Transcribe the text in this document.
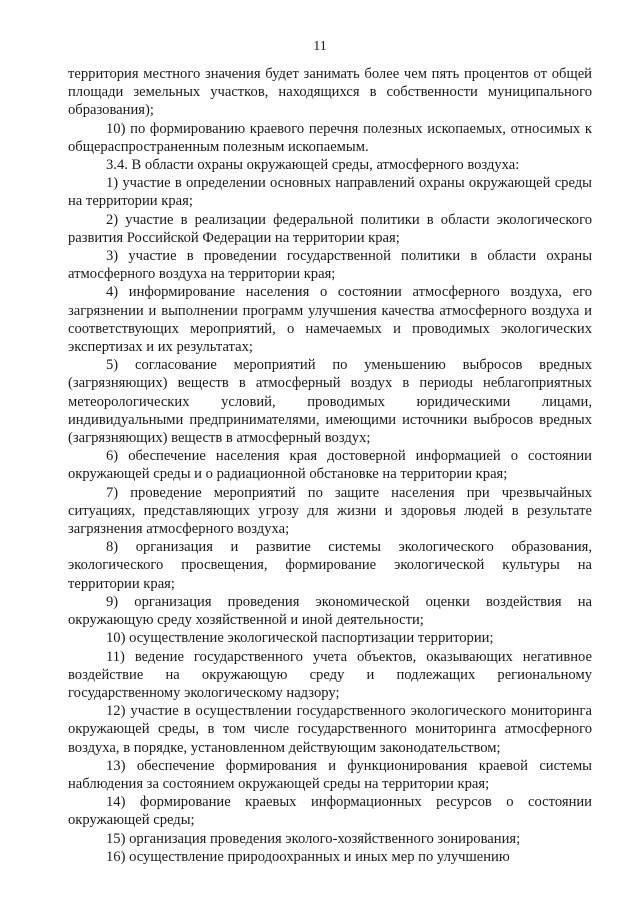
11

территория местного значения будет занимать более чем пять процентов от общей площади земельных участков, находящихся в собственности муниципального образования);

10) по формированию краевого перечня полезных ископаемых, относимых к общераспространенным полезным ископаемым.

3.4. В области охраны окружающей среды, атмосферного воздуха:

1) участие в определении основных направлений охраны окружающей среды на территории края;

2) участие в реализации федеральной политики в области экологического развития Российской Федерации на территории края;

3) участие в проведении государственной политики в области охраны атмосферного воздуха на территории края;

4) информирование населения о состоянии атмосферного воздуха, его загрязнении и выполнении программ улучшения качества атмосферного воздуха и соответствующих мероприятий, о намечаемых и проводимых экологических экспертизах и их результатах;

5) согласование мероприятий по уменьшению выбросов вредных (загрязняющих) веществ в атмосферный воздух в периоды неблагоприятных метеорологических условий, проводимых юридическими лицами, индивидуальными предпринимателями, имеющими источники выбросов вредных (загрязняющих) веществ в атмосферный воздух;

6) обеспечение населения края достоверной информацией о состоянии окружающей среды и о радиационной обстановке на территории края;

7) проведение мероприятий по защите населения при чрезвычайных ситуациях, представляющих угрозу для жизни и здоровья людей в результате загрязнения атмосферного воздуха;

8) организация и развитие системы экологического образования, экологического просвещения, формирование экологической культуры на территории края;

9) организация проведения экономической оценки воздействия на окружающую среду хозяйственной и иной деятельности;

10) осуществление экологической паспортизации территории;

11) ведение государственного учета объектов, оказывающих негативное воздействие на окружающую среду и подлежащих региональному государственному экологическому надзору;

12) участие в осуществлении государственного экологического мониторинга окружающей среды, в том числе государственного мониторинга атмосферного воздуха, в порядке, установленном действующим законодательством;

13) обеспечение формирования и функционирования краевой системы наблюдения за состоянием окружающей среды на территории края;

14) формирование краевых информационных ресурсов о состоянии окружающей среды;

15) организация проведения эколого-хозяйственного зонирования;

16) осуществление природоохранных и иных мер по улучшению
